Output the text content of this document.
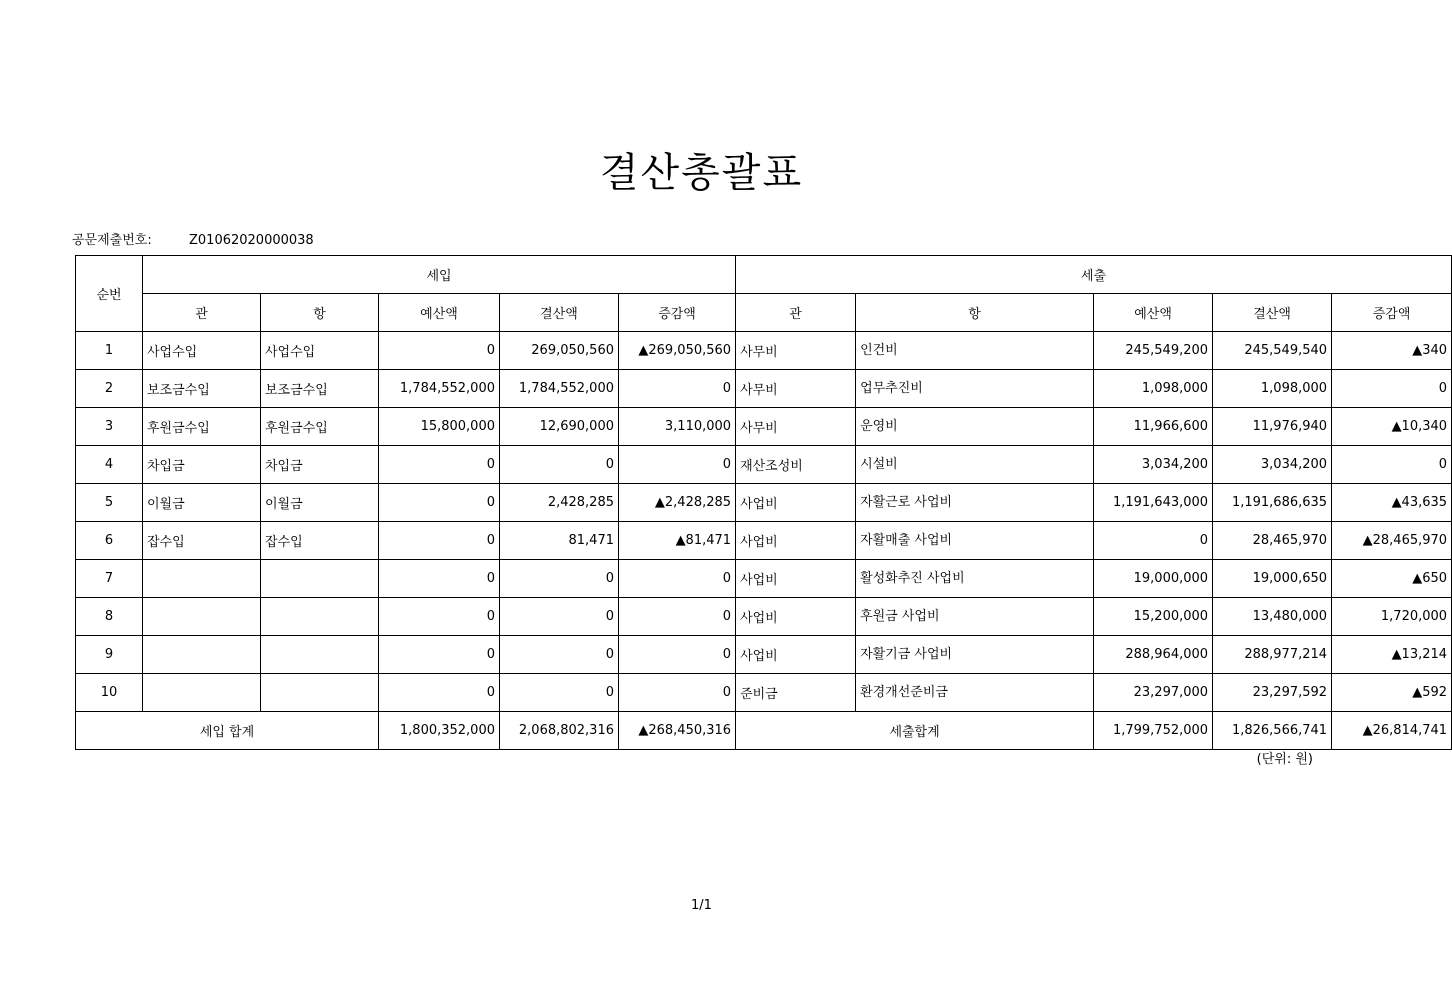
결산총괄표
공문제출번호:	Z01062020000038
순번	세입					세출				
	관	항	예산액	결산액	증감액	관	항	예산액	결산액	증감액
1	사업수입	사업수입	0	269,050,560	▲269,050,560	사무비	인건비	245,549,200	245,549,540	▲340
2	보조금수입	보조금수입	1,784,552,000	1,784,552,000	0	사무비	업무추진비	1,098,000	1,098,000	0
3	후원금수입	후원금수입	15,800,000	12,690,000	3,110,000	사무비	운영비	11,966,600	11,976,940	▲10,340
4	차입금	차입금	0	0	0	재산조성비	시설비	3,034,200	3,034,200	0
5	이월금	이월금	0	2,428,285	▲2,428,285	사업비	자활근로 사업비	1,191,643,000	1,191,686,635	▲43,635
6	잡수입	잡수입	0	81,471	▲81,471	사업비	자활매출 사업비	0	28,465,970	▲28,465,970
7			0	0	0	사업비	활성화추진 사업비	19,000,000	19,000,650	▲650
8			0	0	0	사업비	후원금 사업비	15,200,000	13,480,000	1,720,000
9			0	0	0	사업비	자활기금 사업비	288,964,000	288,977,214	▲13,214
10			0	0	0	준비금	환경개선준비금	23,297,000	23,297,592	▲592
세입 합계			1,800,352,000	2,068,802,316	▲268,450,316	세출합계		1,799,752,000	1,826,566,741	▲26,814,741
(단위: 원)
1/1
